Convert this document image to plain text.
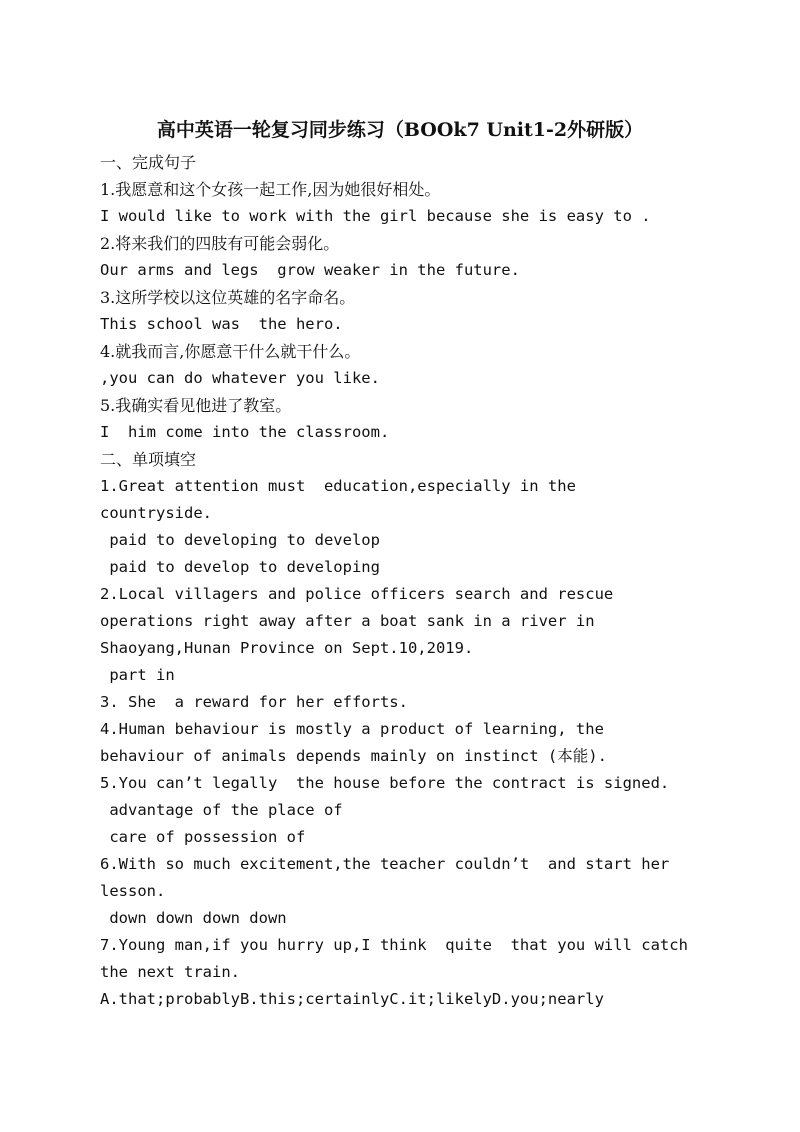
高中英语一轮复习同步练习（BOOk7 Unit1-2外研版）
一、完成句子
1.我愿意和这个女孩一起工作,因为她很好相处。
I would like to work with the girl because she is easy to .
2.将来我们的四肢有可能会弱化。
Our arms and legs  grow weaker in the future.
3.这所学校以这位英雄的名字命名。
This school was  the hero.
4.就我而言,你愿意干什么就干什么。
,you can do whatever you like.
5.我确实看见他进了教室。
I  him come into the classroom.
二、单项填空
1.Great attention must  education,especially in the
countryside.
paid to developing to develop
paid to develop to developing
2.Local villagers and police officers search and rescue
operations right away after a boat sank in a river in
Shaoyang,Hunan Province on Sept.10,2019.
part in
3. She  a reward for her efforts.
4.Human behaviour is mostly a product of learning, the
behaviour of animals depends mainly on instinct (本能).
5.You can’t legally  the house before the contract is signed.
advantage of the place of
care of possession of
6.With so much excitement,the teacher couldn’t  and start her
lesson.
down down down down
7.Young man,if you hurry up,I think  quite  that you will catch
the next train.
A.that;probablyB.this;certainlyC.it;likelyD.you;nearly
